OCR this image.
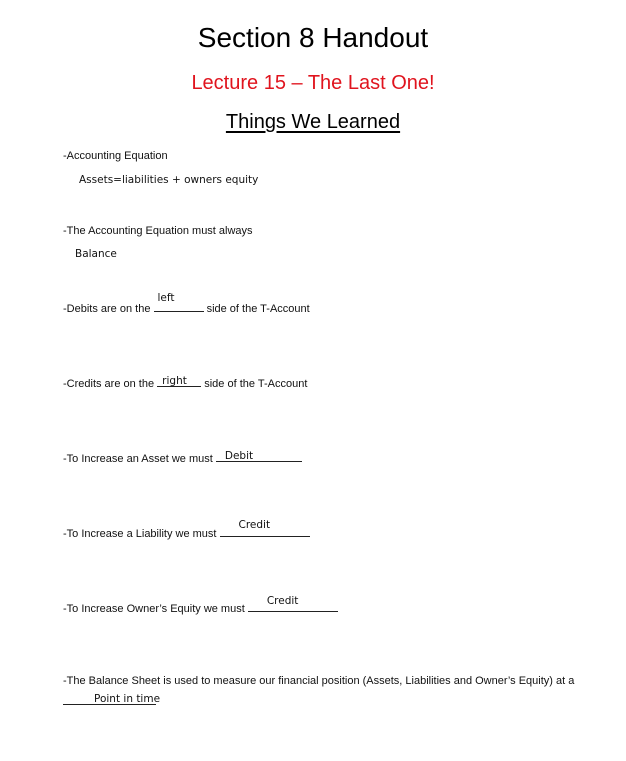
Section 8 Handout
Lecture 15 – The Last One!
Things We Learned
-Accounting Equation
Assets=liabilities + owners equity
-The Accounting Equation must always
Balance
-Debits are on the
left
side of the T-Account
-Credits are on the right side of the T-Account
-To Increase an Asset we must Debit
-To Increase a Liability we must
Credit
-To Increase Owner’s Equity we must
Credit
-The Balance Sheet is used to measure our financial position (Assets, Liabilities and Owner’s Equity) at a
Point in time
